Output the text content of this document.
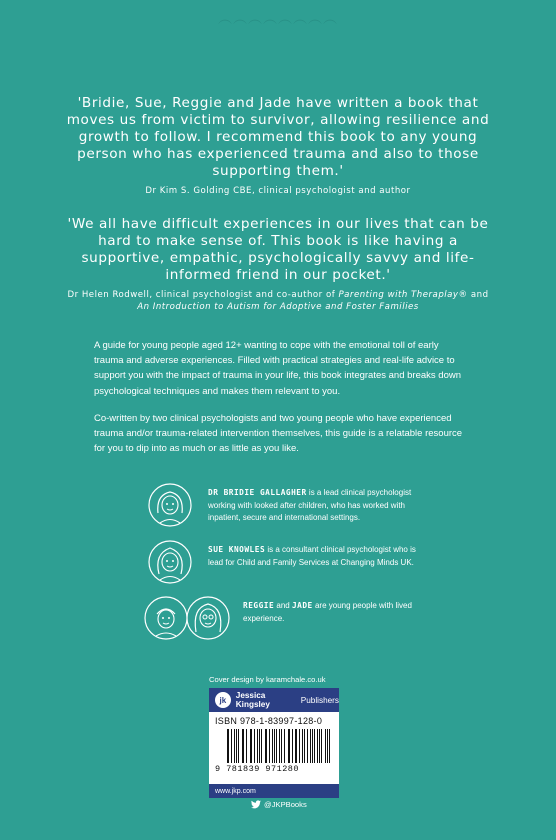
︵︵︵︵︵︵︵︵

'Bridie, Sue, Reggie and Jade have written a book that moves us from victim to survivor, allowing resilience and growth to follow. I recommend this book to any young person who has experienced trauma and also to those supporting them.'

Dr Kim S. Golding CBE, clinical psychologist and author

'We all have difficult experiences in our lives that can be hard to make sense of. This book is like having a supportive, empathic, psychologically savvy and life-informed friend in our pocket.'

Dr Helen Rodwell, clinical psychologist and co-author of Parenting with Theraplay® and An Introduction to Autism for Adoptive and Foster Families

A guide for young people aged 12+ wanting to cope with the emotional toll of early trauma and adverse experiences. Filled with practical strategies and real-life advice to support you with the impact of trauma in your life, this book integrates and breaks down psychological techniques and makes them relevant to you.

Co-written by two clinical psychologists and two young people who have experienced trauma and/or trauma-related intervention themselves, this guide is a relatable resource for you to dip into as much or as little as you like.

DR BRIDIE GALLAGHER is a lead clinical psychologist working with looked after children, who has worked with inpatient, secure and international settings.

SUE KNOWLES is a consultant clinical psychologist who is lead for Child and Family Services at Changing Minds UK.

REGGIE and JADE are young people with lived experience.

Cover design by karamchale.co.uk
jk	Jessica Kingsley	Publishers
ISBN 978-1-83997-128-0
9 781839 971280
www.jkp.com
@JKPBooks
